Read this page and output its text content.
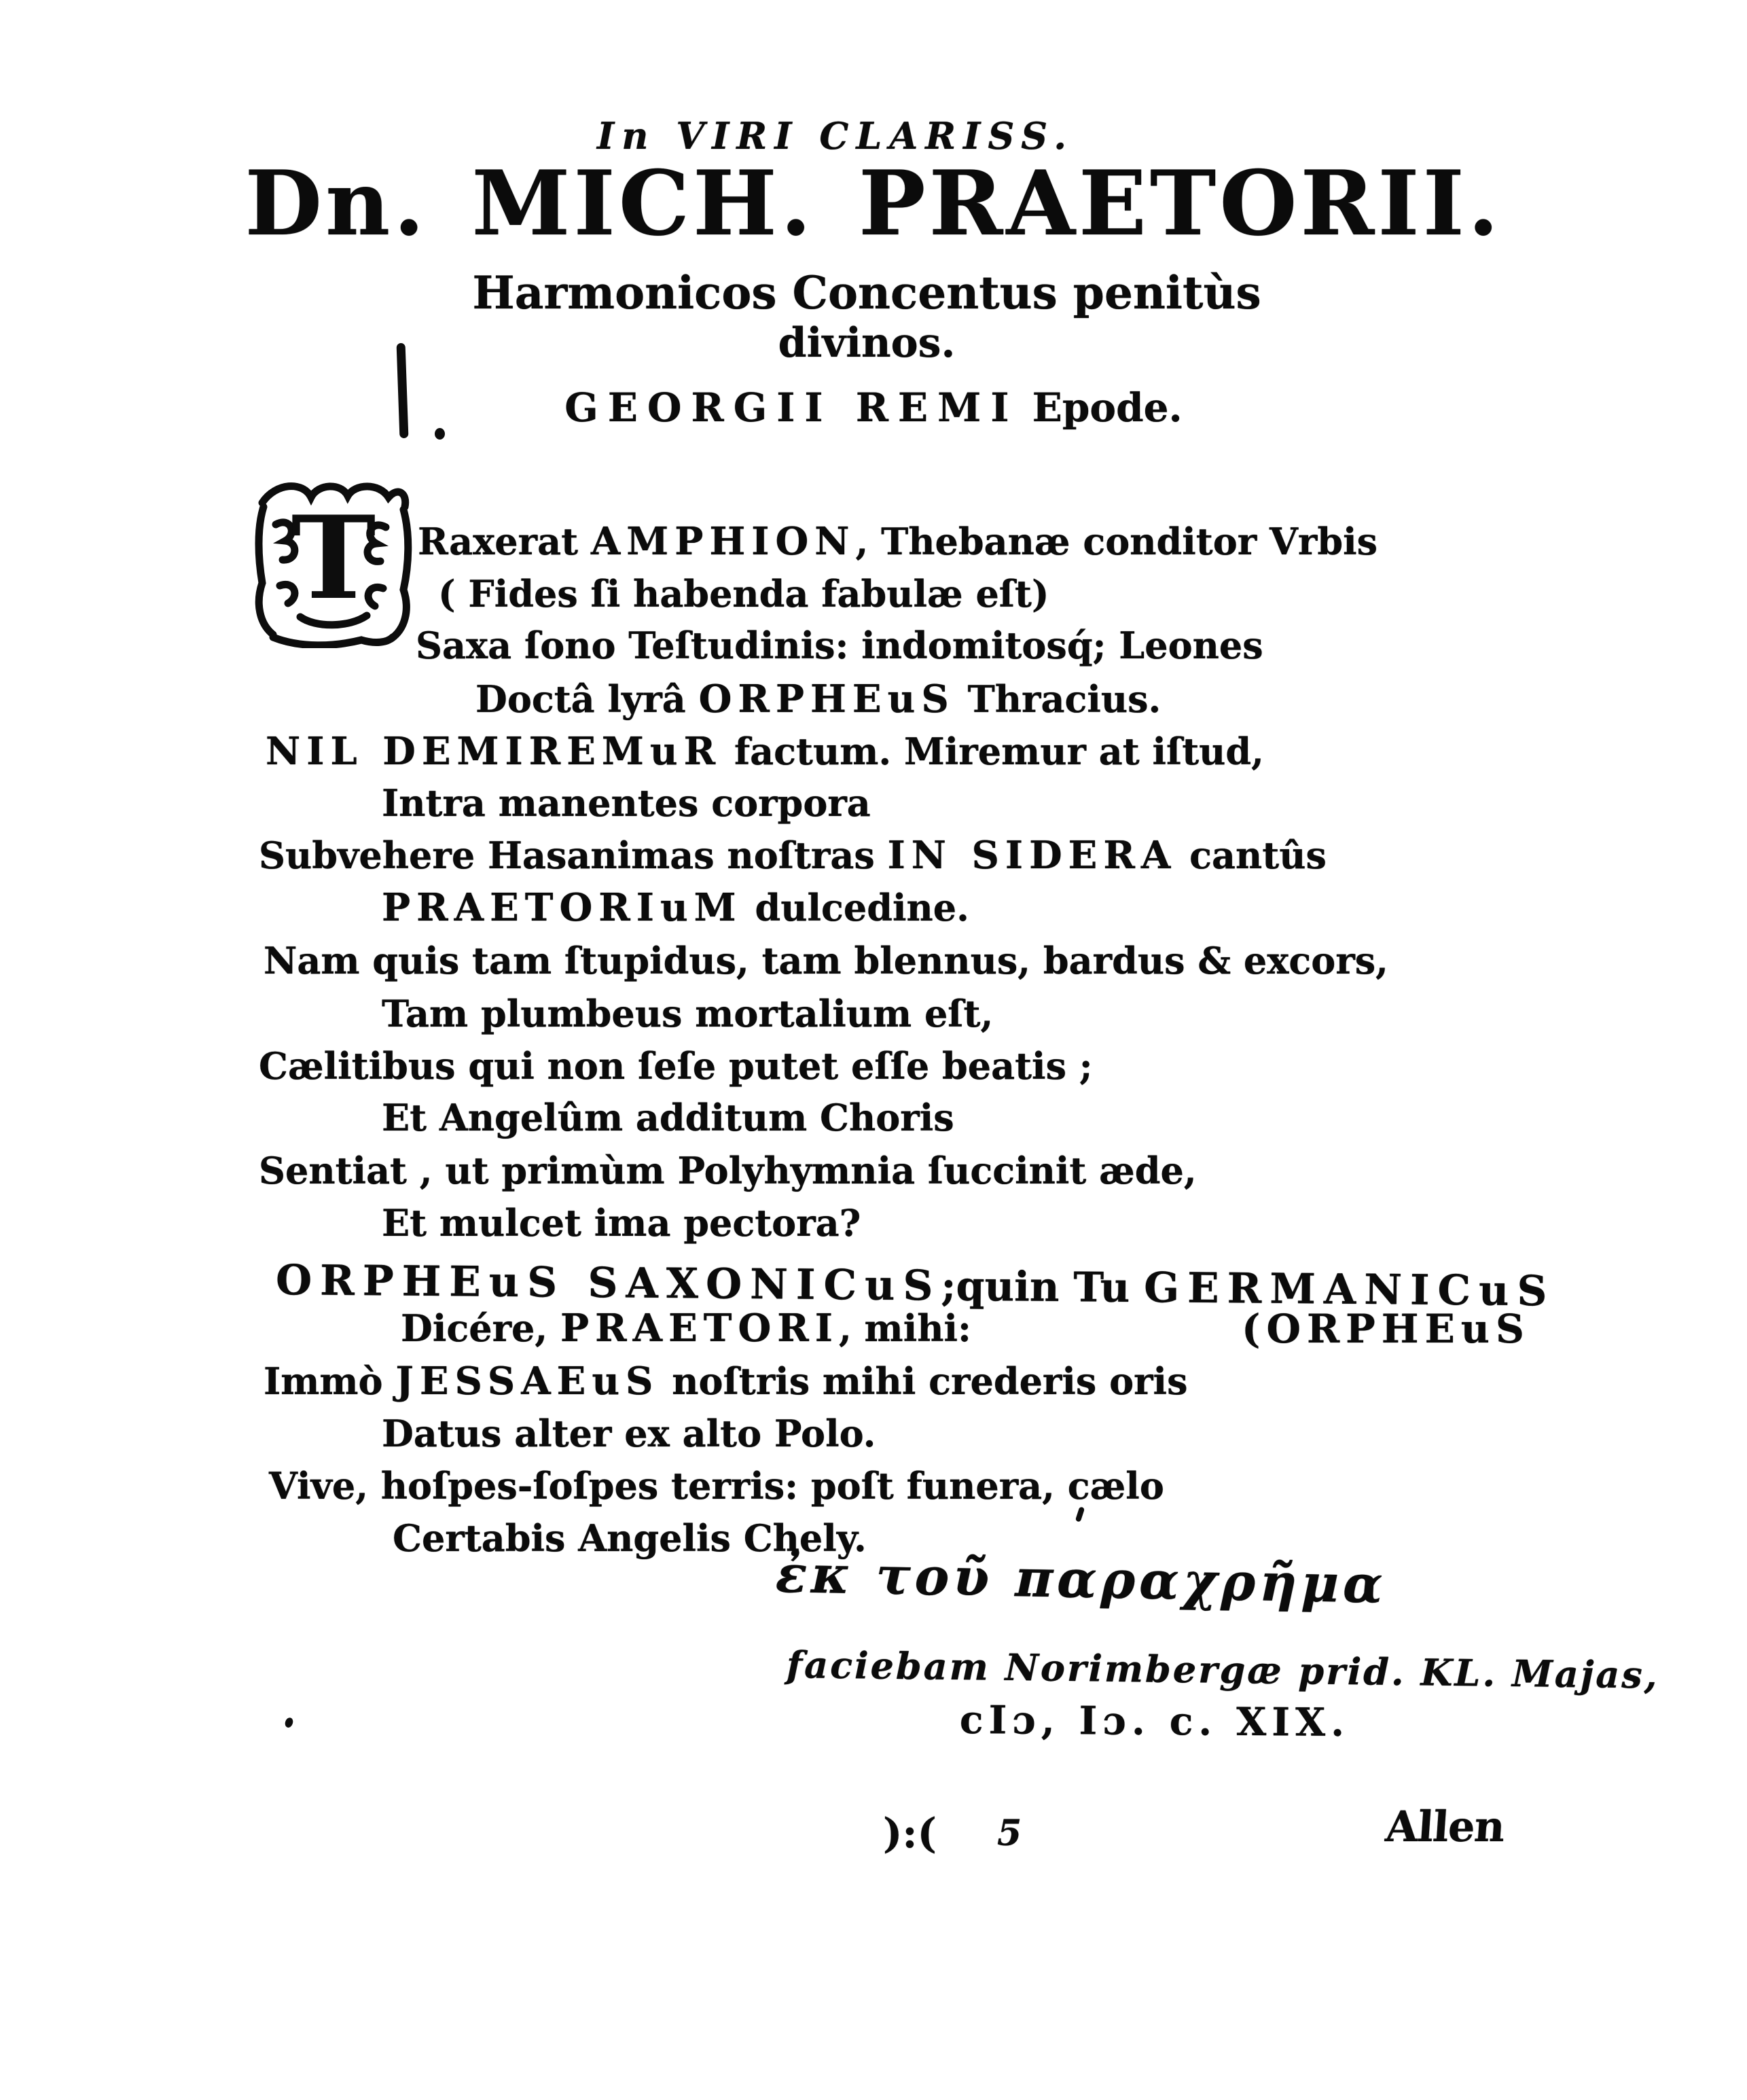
In VIRI CLARISS.
Dn. MICH. PRAETORII.
Harmonicos Concentus penitùs
divinos.
GEORGII REMI Epode.
T Raxerat AMPHION, Thebanæ conditor Vrbis

( Fides ſi habenda fabulæ eſt)

Saxa ſono Teſtudinis: indomitosq́; Leones

Doctâ lyrâ ORPHEuS Thracius.

NIL DEMIREMuR factum. Miremur at iſtud,

Intra manentes corpora

Subvehere Hasanimas noſtras IN SIDERA cantûs

PRAETORIuM dulcedine.

Nam quis tam ſtupidus, tam blennus, bardus & excors,

Tam plumbeus mortalium eſt,

Cælitibus qui non ſeſe putet eſſe beatis ;

Et Angelûm additum Choris

Sentiat , ut primùm Polyhymnia ſuccinit æde,

Et mulcet ima pectora?

ORPHEuS SAXONICuS;quin Tu GERMANICuS

Dicére, PRAETORI, mihi:	(ORPHEuS

Immò JESSAEuS noſtris mihi crederis oris

Datus alter ex alto Polo.

Vive, hoſpes-ſoſpes terris: poſt funera, cælo

Certabis Angelis Chely.

ἐκ τοῦ παραχρῆμα
faciebam Norimbergæ prid. KL. Majas,
cIɔ, Iɔ. c. XIX.
):( 5	Allen
